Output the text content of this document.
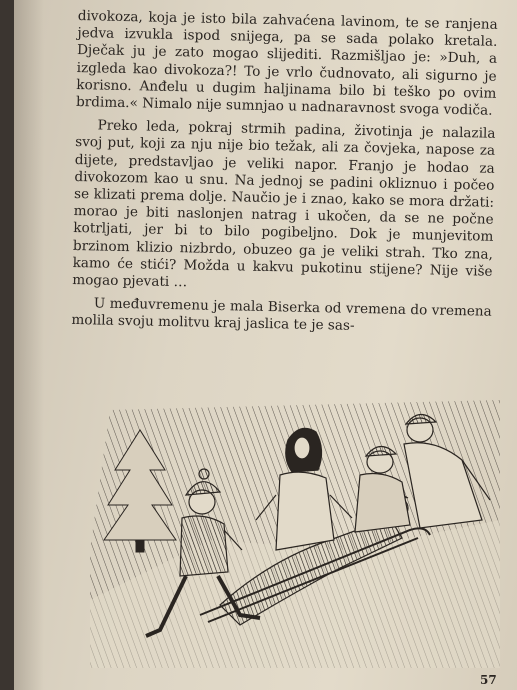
divokoza, koja je isto bila zahvaćena lavinom, te se ranjena jedva izvukla ispod snijega, pa se sada polako kretala. Dječak ju je zato mogao slijediti. Razmišljao je: »Duh, a izgleda kao divokoza?! To je vrlo čudnovato, ali sigurno je korisno. Anđelu u dugim haljinama bilo bi teško po ovim brdima.« Nimalo nije sumnjao u nadnaravnost svoga vodiča.

Preko leda, pokraj strmih padina, životinja je nalazila svoj put, koji za nju nije bio težak, ali za čovjeka, napose za dijete, predstavljao je veliki napor. Franjo je hodao za divokozom kao u snu. Na jednoj se padini okliznuo i počeo se klizati prema dolje. Naučio je i znao, kako se mora držati: morao je biti naslonjen natrag i ukočen, da se ne počne kotrljati, jer bi to bilo pogibeljno. Dok je munjevitom brzinom klizio nizbrdo, obuzeo ga je veliki strah. Tko zna, kamo će stići? Možda u kakvu pukotinu stijene? Nije više mogao pjevati …

U međuvremenu je mala Biserka od vremena do vremena molila svoju molitvu kraj jaslica te je sas-

57
